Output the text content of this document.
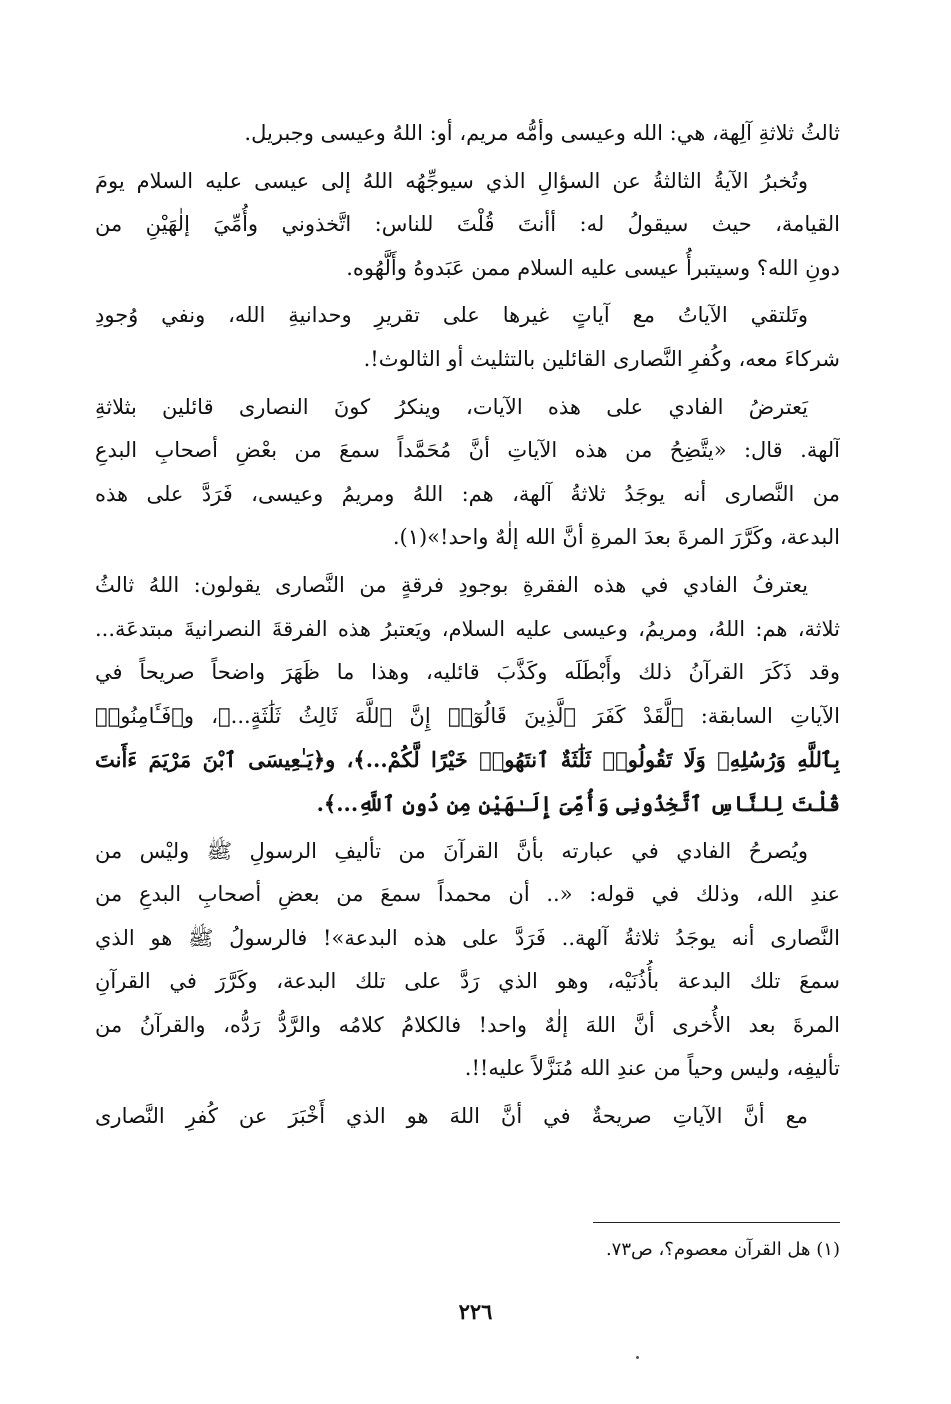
ثالثُ ثلاثةِ آلِهة، هي: الله وعيسى وأمُّه مريم، أو: اللهُ وعيسى وجبريل.
وتُخبرُ الآيةُ الثالثةُ عن السؤالِ الذي سيوجِّهُه اللهُ إلى عيسى عليه السلام يومَ
القيامة، حيث سيقولُ له: أأنتَ قُلْتَ للناس: اتَّخذوني وأُمِّيَ إلٰهَيْنِ من
دونِ الله؟ وسيتبرأُ عيسى عليه السلام ممن عَبَدوهُ وأَلَّهُوه.
وتَلتقي الآياتُ مع آياتٍ غيرها على تقريرِ وحدانيةِ الله، ونفي وُجودِ
شركاءَ معه، وكُفرِ النَّصارى القائلين بالتثليث أو الثالوث!.
يَعترضُ الفادي على هذه الآيات، وينكرُ كونَ النصارى قائلين بثلاثةِ
آلهة. قال: «يتَّضِحُ من هذه الآياتِ أنَّ مُحَمَّداً سمعَ من بعْضِ أصحابِ البدعِ
من النَّصارى أنه يوجَدُ ثلاثةُ آلهة، هم: اللهُ ومريمُ وعيسى، فَرَدَّ على هذه
البدعة، وكَرَّرَ المرةَ بعدَ المرةِ أنَّ الله إلٰهٌ واحد!»(١).
يعترفُ الفادي في هذه الفقرةِ بوجودِ فرقةٍ من النَّصارى يقولون: اللهُ ثالثُ
ثلاثة، هم: اللهُ، ومريمُ، وعيسى عليه السلام، ويَعتبرُ هذه الفرقةَ النصرانيةَ مبتدعَة...
وقد ذَكَرَ القرآنُ ذلك وأَبْطَلَه وكَذَّبَ قائليه، وهذا ما ظَهَرَ واضحاً صريحاً في
الآياتِ السابقة: ﴿لَّقَدْ كَفَرَ ٱلَّذِينَ قَالُوٓا۟ إِنَّ ٱللَّهَ ثَالِثُ ثَلَٰثَةٍ...﴾، و﴿فَـَٔامِنُوا۟
بِٱللَّهِ وَرُسُلِهِۦ وَلَا تَقُولُوا۟ ثَلَٰثَةٌ ٱنتَهُوا۟ خَيْرًا لَّكُمْ...﴾، و﴿يَـٰعِيسَى ٱبْنَ مَرْيَمَ ءَأَنتَ
قُلْتَ لِلنَّاسِ ٱتَّخِذُونِى وَأُمِّىَ إِلَـٰهَيْنِ مِن دُونِ ٱللَّهِ...﴾.
ويُصرحُ الفادي في عبارته بأنَّ القرآنَ من تأليفِ الرسولِ ﷺ وليْس من
عندِ الله، وذلك في قوله: «.. أن محمداً سمعَ من بعضِ أصحابِ البدعِ من
النَّصارى أنه يوجَدُ ثلاثةُ آلهة.. فَرَدَّ على هذه البدعة»! فالرسولُ ﷺ هو الذي
سمعَ تلك البدعة بأُذُنَيْه، وهو الذي رَدَّ على تلك البدعة، وكَرَّرَ في القرآنِ
المرةَ بعد الأُخرى أنَّ اللهَ إلٰهٌ واحد! فالكلامُ كلامُه والرَّدُّ رَدُّه، والقرآنُ من
تأليفِه، وليس وحياً من عندِ الله مُنَزَّلاً عليه!!.
مع أنَّ الآياتِ صريحةٌ في أنَّ اللهَ هو الذي أَخْبَرَ عن كُفرِ النَّصارى
(١) هل القرآن معصوم؟، ص٧٣.
٢٢٦
